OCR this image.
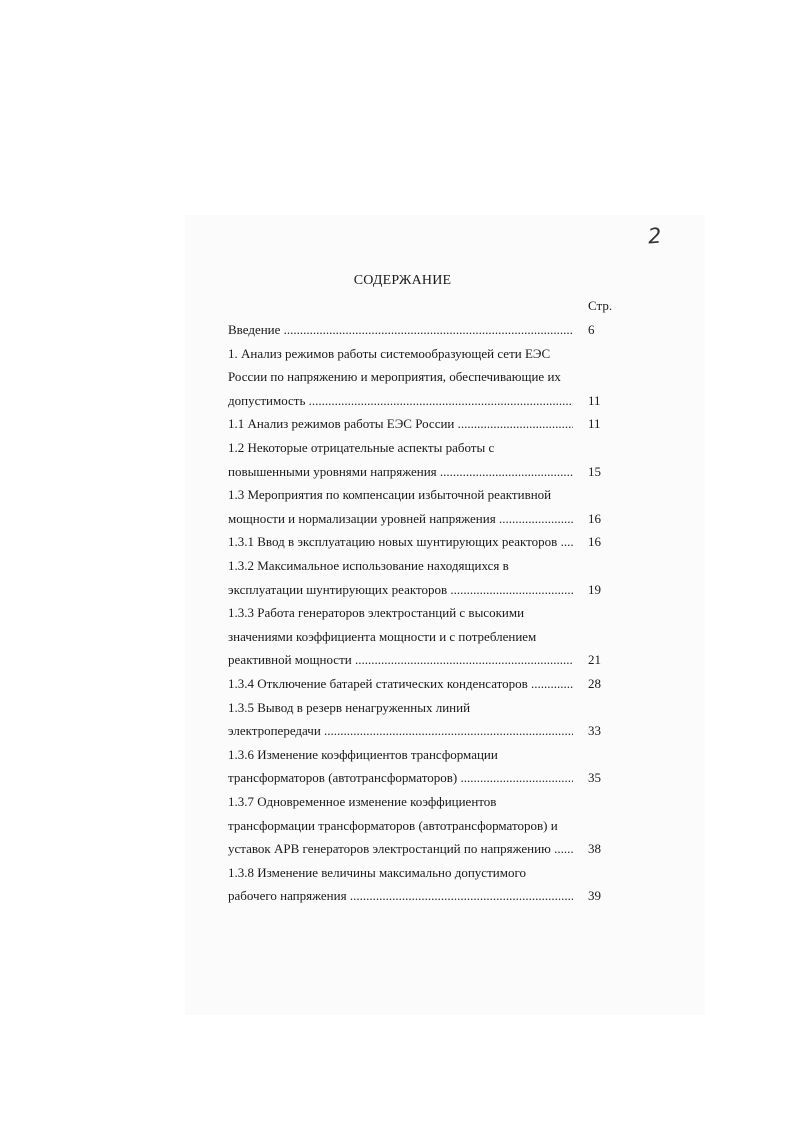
2
СОДЕРЖАНИЕ
Стр.
Введение .....	6
1. Анализ режимов работы системообразующей сети ЕЭС
России по напряжению и мероприятия, обеспечивающие их
допустимость .....	11
1.1 Анализ режимов работы ЕЭС России .....	11
1.2 Некоторые отрицательные аспекты работы с
повышенными уровнями напряжения .....	15
1.3 Мероприятия по компенсации избыточной реактивной
мощности и нормализации уровней напряжения .....	16
1.3.1 Ввод в эксплуатацию новых шунтирующих реакторов .....	16
1.3.2 Максимальное использование находящихся в
эксплуатации шунтирующих реакторов .....	19
1.3.3 Работа генераторов электростанций с высокими
значениями коэффициента мощности и с потреблением
реактивной мощности .....	21
1.3.4 Отключение батарей статических конденсаторов .....	28
1.3.5 Вывод в резерв ненагруженных линий
электропередачи .....	33
1.3.6 Изменение коэффициентов трансформации
трансформаторов (автотрансформаторов) .....	35
1.3.7 Одновременное изменение коэффициентов
трансформации трансформаторов (автотрансформаторов) и
уставок АРВ генераторов электростанций по напряжению .....	38
1.3.8 Изменение величины максимально допустимого
рабочего напряжения .....	39
